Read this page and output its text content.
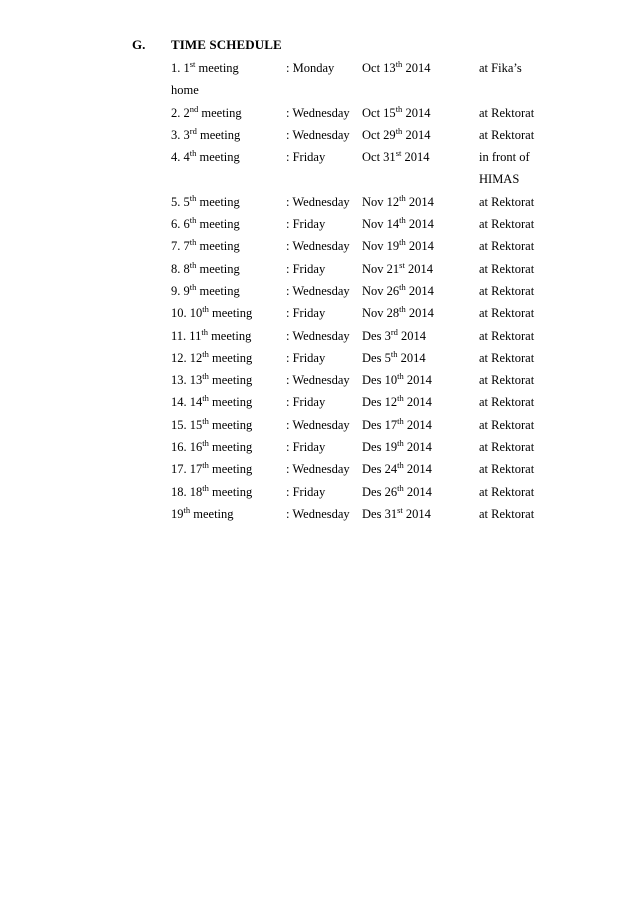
G. TIME SCHEDULE
1. 1st meeting	: Monday Oct 13th 2014	at Fika’s
home
2. 2nd meeting	: Wednesday Oct 15th 2014	at Rektorat
3. 3rd meeting	: Wednesday Oct 29th 2014	at Rektorat
4. 4th meeting	: Friday	Oct 31st 2014	in front of
HIMAS
5. 5th meeting	: Wednesday Nov 12th 2014	at Rektorat
6. 6th meeting	: Friday	Nov 14th 2014	at Rektorat
7. 7th meeting	: Wednesday Nov 19th 2014	at Rektorat
8. 8th meeting	: Friday	Nov 21st 2014	at Rektorat
9. 9th meeting	: Wednesday Nov 26th 2014	at Rektorat
10. 10th meeting	: Friday	Nov 28th 2014	at Rektorat
11. 11th meeting	: Wednesday Des 3rd 2014	at Rektorat
12. 12th meeting	: Friday	Des 5th 2014	at Rektorat
13. 13th meeting	: Wednesday Des 10th 2014	at Rektorat
14. 14th meeting	: Friday	Des 12th 2014	at Rektorat
15. 15th meeting	: Wednesday Des 17th 2014	at Rektorat
16. 16th meeting	: Friday	Des 19th 2014	at Rektorat
17. 17th meeting	: Wednesday Des 24th 2014	at Rektorat
18. 18th meeting	: Friday	Des 26th 2014	at Rektorat
19th meeting	: Wednesday Des 31st 2014	at Rektorat
